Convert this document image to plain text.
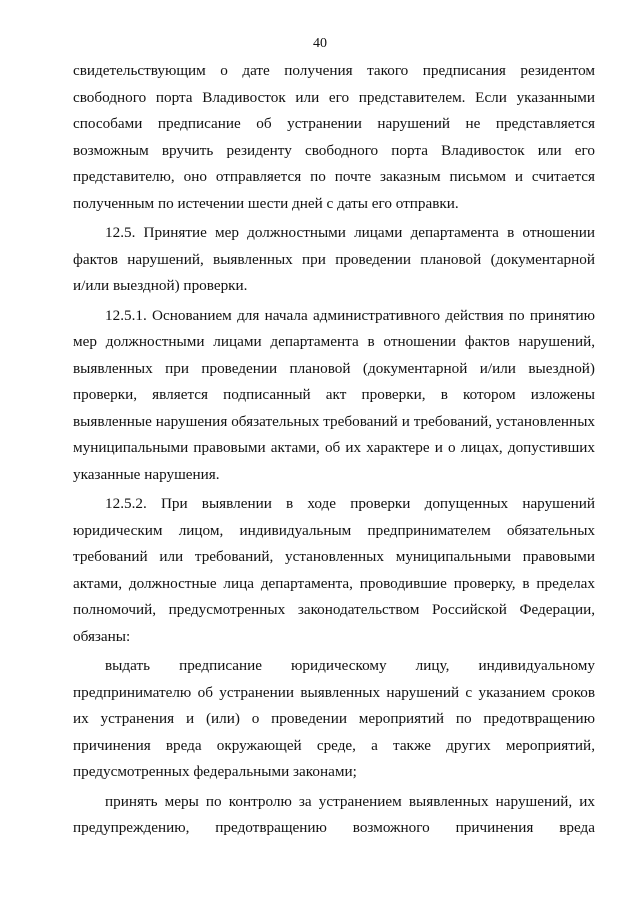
40
свидетельствующим о дате получения такого предписания резидентом
свободного порта Владивосток или его представителем. Если указанными
способами предписание об устранении нарушений не представляется
возможным вручить резиденту свободного порта Владивосток или его
представителю, оно отправляется по почте заказным письмом и считается
полученным по истечении шести дней с даты его отправки.
12.5. Принятие мер должностными лицами департамента в отношении
фактов нарушений, выявленных при проведении плановой (документарной
и/или выездной) проверки.
12.5.1. Основанием для начала административного действия по принятию
мер должностными лицами департамента в отношении фактов нарушений,
выявленных при проведении плановой (документарной и/или выездной)
проверки, является подписанный акт проверки, в котором изложены
выявленные нарушения обязательных требований и требований, установленных
муниципальными правовыми актами, об их характере и о лицах, допустивших
указанные нарушения.
12.5.2. При выявлении в ходе проверки допущенных нарушений
юридическим лицом, индивидуальным предпринимателем обязательных
требований или требований, установленных муниципальными правовыми
актами, должностные лица департамента, проводившие проверку, в пределах
полномочий, предусмотренных законодательством Российской Федерации,
обязаны:
выдать предписание юридическому лицу, индивидуальному
предпринимателю об устранении выявленных нарушений с указанием сроков
их устранения и (или) о проведении мероприятий по предотвращению
причинения вреда окружающей среде, а также других мероприятий,
предусмотренных федеральными законами;
принять меры по контролю за устранением выявленных нарушений, их
предупреждению, предотвращению возможного причинения вреда
